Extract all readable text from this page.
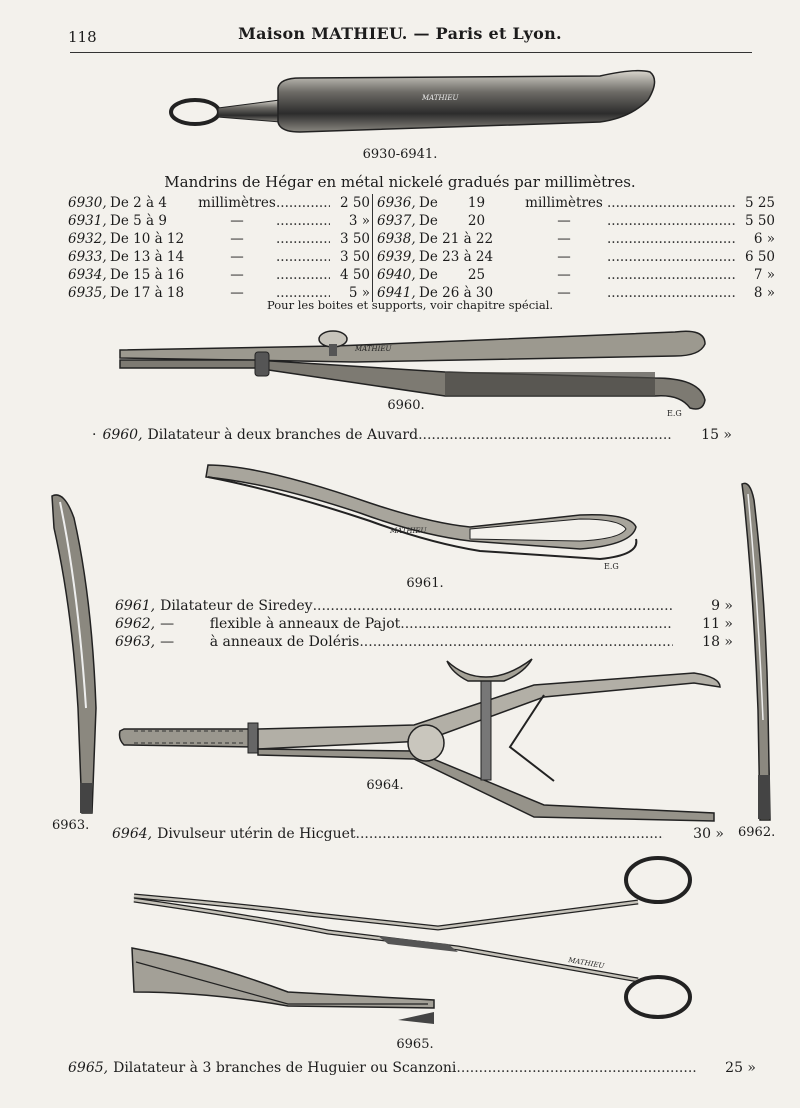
118	Maison MATHIEU. — Paris et Lyon.
MATHIEU
6930-6941.
Mandrins de Hégar en métal nickelé gradués par millimètres.
6930, De 2 à 4	millimètres .....	2 50
6931, De 5 à 9	— .....	3 »
6932, De 10 à 12	— .....	3 50
6933, De 13 à 14	— .....	3 50
6934, De 15 à 16	— .....	4 50
6935, De 17 à 18	— .....	5 »
6936, De       19	millimètres .....	5 25
6937, De       20	— .....	5 50
6938, De 21 à 22	— .....	6 »
6939, De 23 à 24	— .....	6 50
6940, De       25	— .....	7 »
6941, De 26 à 30	— .....	8 »
Pour les boites et supports, voir chapitre spécial.
MATHIEU
E.G
6960.
· 6960, Dilatateur à deux branches de Auvard .....	15 »
MATHIEU
E.G
6961.
6963.	6962.
6961, Dilatateur de Siredey .....	9 »
6962, —        flexible à anneaux de Pajot .....	11 »
6963, —        à anneaux de Doléris .....	18 »
6964.
6964, Divulseur utérin de Hicguet .....	30 »
MATHIEU
6965.
6965, Dilatateur à 3 branches de Huguier ou Scanzoni .....	25 »
